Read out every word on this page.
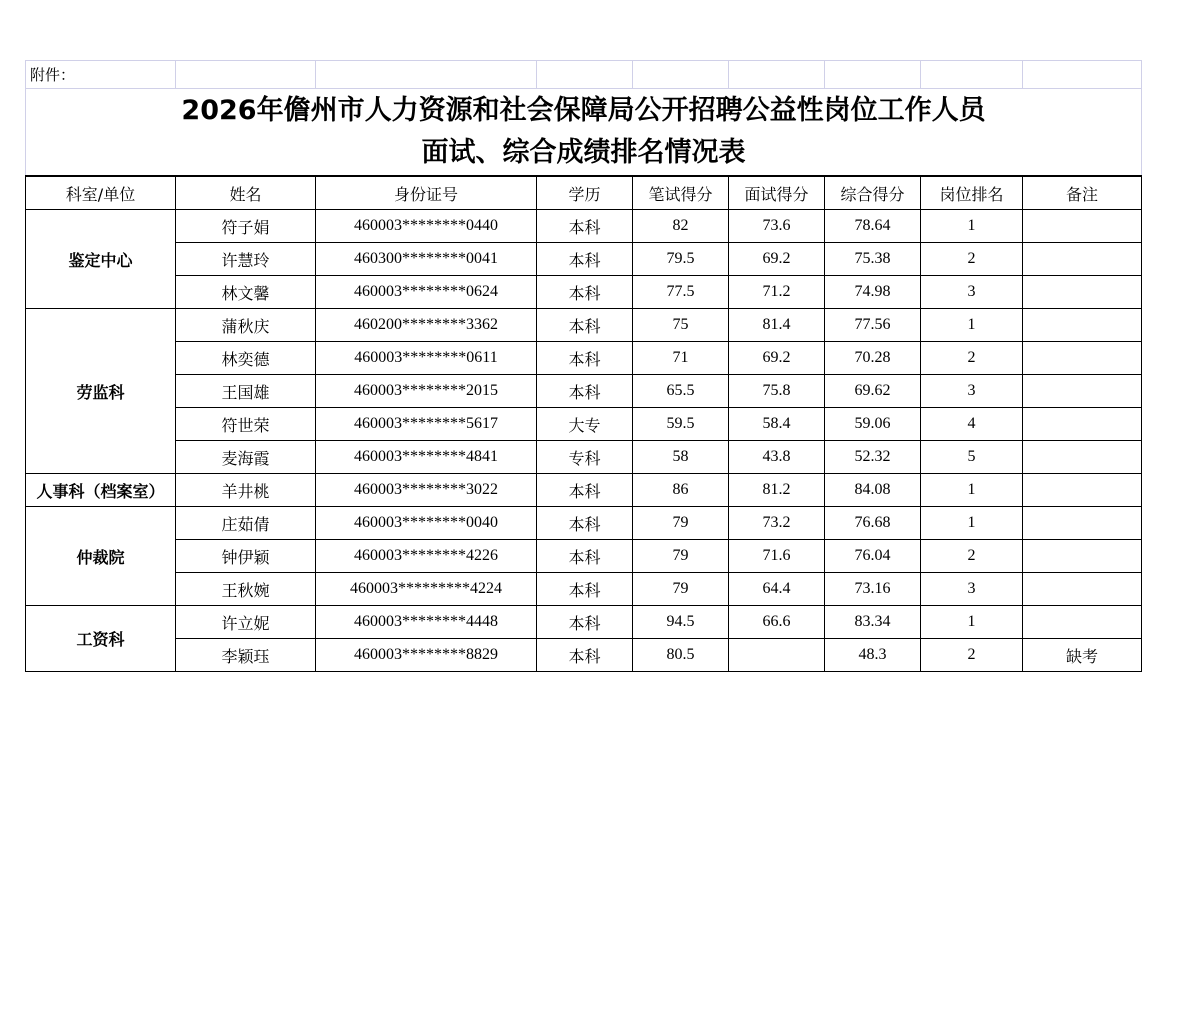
附件：								

2026年儋州市人力资源和社会保障局公开招聘公益性岗位工作人员
面试、综合成绩排名情况表								

科室/单位	姓名	身份证号	学历	笔试得分	面试得分	综合得分	岗位排名	备注
鉴定中心	符子娟	460003********0440	本科	82	73.6	78.64	1	
	许慧玲	460300********0041	本科	79.5	69.2	75.38	2	
	林文馨	460003********0624	本科	77.5	71.2	74.98	3	
劳监科	蒲秋庆	460200********3362	本科	75	81.4	77.56	1	
	林奕德	460003********0611	本科	71	69.2	70.28	2	
	王国雄	460003********2015	本科	65.5	75.8	69.62	3	
	符世荣	460003********5617	大专	59.5	58.4	59.06	4	
	麦海霞	460003********4841	专科	58	43.8	52.32	5	
人事科（档案室）	羊井桃	460003********3022	本科	86	81.2	84.08	1	
仲裁院	庄茹倩	460003********0040	本科	79	73.2	76.68	1	
	钟伊颖	460003********4226	本科	79	71.6	76.04	2	
	王秋婉	460003*********4224	本科	79	64.4	73.16	3	
工资科	许立妮	460003********4448	本科	94.5	66.6	83.34	1	
	李颖珏	460003********8829	本科	80.5		48.3	2	缺考
